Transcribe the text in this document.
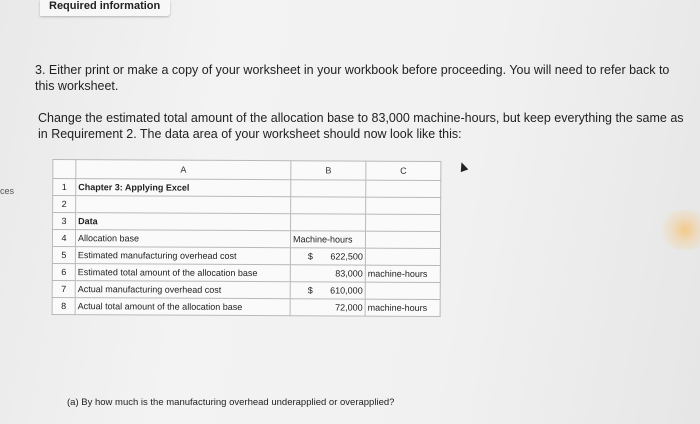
Required information
ces
3. Either print or make a copy of your worksheet in your workbook before proceeding. You will need to refer back to this worksheet.
Change the estimated total amount of the allocation base to 83,000 machine-hours, but keep everything the same as in Requirement 2. The data area of your worksheet should now look like this:
	A	B	C
1	Chapter 3: Applying Excel		
2			
3	Data		
4	Allocation base	Machine-hours	
5	Estimated manufacturing overhead cost	$ 622,500	
6	Estimated total amount of the allocation base	83,000	machine-hours
7	Actual manufacturing overhead cost	$ 610,000	
8	Actual total amount of the allocation base	72,000	machine-hours
(a) By how much is the manufacturing overhead underapplied or overapplied?
